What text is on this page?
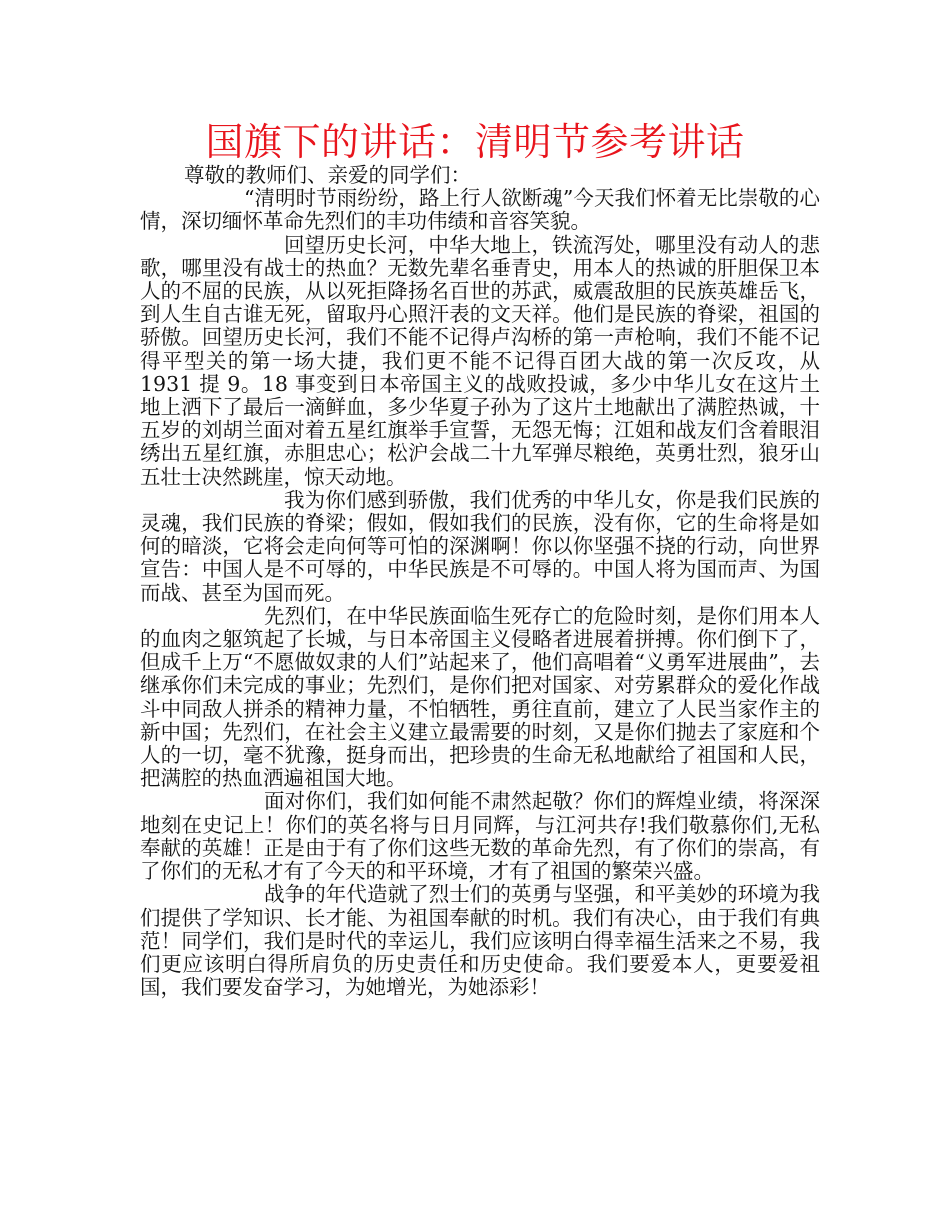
国旗下的讲话：清明节参考讲话

尊敬的教师们、亲爱的同学们：

“清明时节雨纷纷，路上行人欲断魂”今天我们怀着无比崇敬的心情，深切缅怀革命先烈们的丰功伟绩和音容笑貌。

回望历史长河，中华大地上，铁流泻处，哪里没有动人的悲歌，哪里没有战士的热血？无数先辈名垂青史，用本人的热诚的肝胆保卫本人的不屈的民族，从以死拒降扬名百世的苏武，威震敌胆的民族英雄岳飞，到人生自古谁无死，留取丹心照汗表的文天祥。他们是民族的脊梁，祖国的骄傲。回望历史长河，我们不能不记得卢沟桥的第一声枪响，我们不能不记得平型关的第一场大捷，我们更不能不记得百团大战的第一次反攻，从 1931 提 9。18 事变到日本帝国主义的战败投诚，多少中华儿女在这片土地上洒下了最后一滴鲜血，多少华夏子孙为了这片土地献出了满腔热诚，十五岁的刘胡兰面对着五星红旗举手宣誓，无怨无悔；江姐和战友们含着眼泪绣出五星红旗，赤胆忠心；松沪会战二十九军弹尽粮绝，英勇壮烈，狼牙山五壮士决然跳崖，惊天动地。

我为你们感到骄傲，我们优秀的中华儿女，你是我们民族的灵魂，我们民族的脊梁；假如，假如我们的民族，没有你，它的生命将是如何的暗淡，它将会走向何等可怕的深渊啊！你以你坚强不挠的行动，向世界宣告：中国人是不可辱的，中华民族是不可辱的。中国人将为国而声、为国而战、甚至为国而死。

先烈们，在中华民族面临生死存亡的危险时刻，是你们用本人的血肉之躯筑起了长城，与日本帝国主义侵略者进展着拼搏。你们倒下了，但成千上万“不愿做奴隶的人们”站起来了，他们高唱着“义勇军进展曲”，去继承你们未完成的事业；先烈们，是你们把对国家、对劳累群众的爱化作战斗中同敌人拼杀的精神力量，不怕牺牲，勇往直前，建立了人民当家作主的新中国；先烈们，在社会主义建立最需要的时刻，又是你们抛去了家庭和个人的一切，毫不犹豫，挺身而出，把珍贵的生命无私地献给了祖国和人民，把满腔的热血洒遍祖国大地。

面对你们，我们如何能不肃然起敬？你们的辉煌业绩，将深深地刻在史记上！你们的英名将与日月同辉，与江河共存!我们敬慕你们,无私奉献的英雄！正是由于有了你们这些无数的革命先烈，有了你们的崇高，有了你们的无私才有了今天的和平环境，才有了祖国的繁荣兴盛。

战争的年代造就了烈士们的英勇与坚强，和平美妙的环境为我们提供了学知识、长才能、为祖国奉献的时机。我们有决心，由于我们有典范！同学们，我们是时代的幸运儿，我们应该明白得幸福生活来之不易，我们更应该明白得所肩负的历史责任和历史使命。我们要爱本人，更要爱祖国，我们要发奋学习，为她增光，为她添彩！
